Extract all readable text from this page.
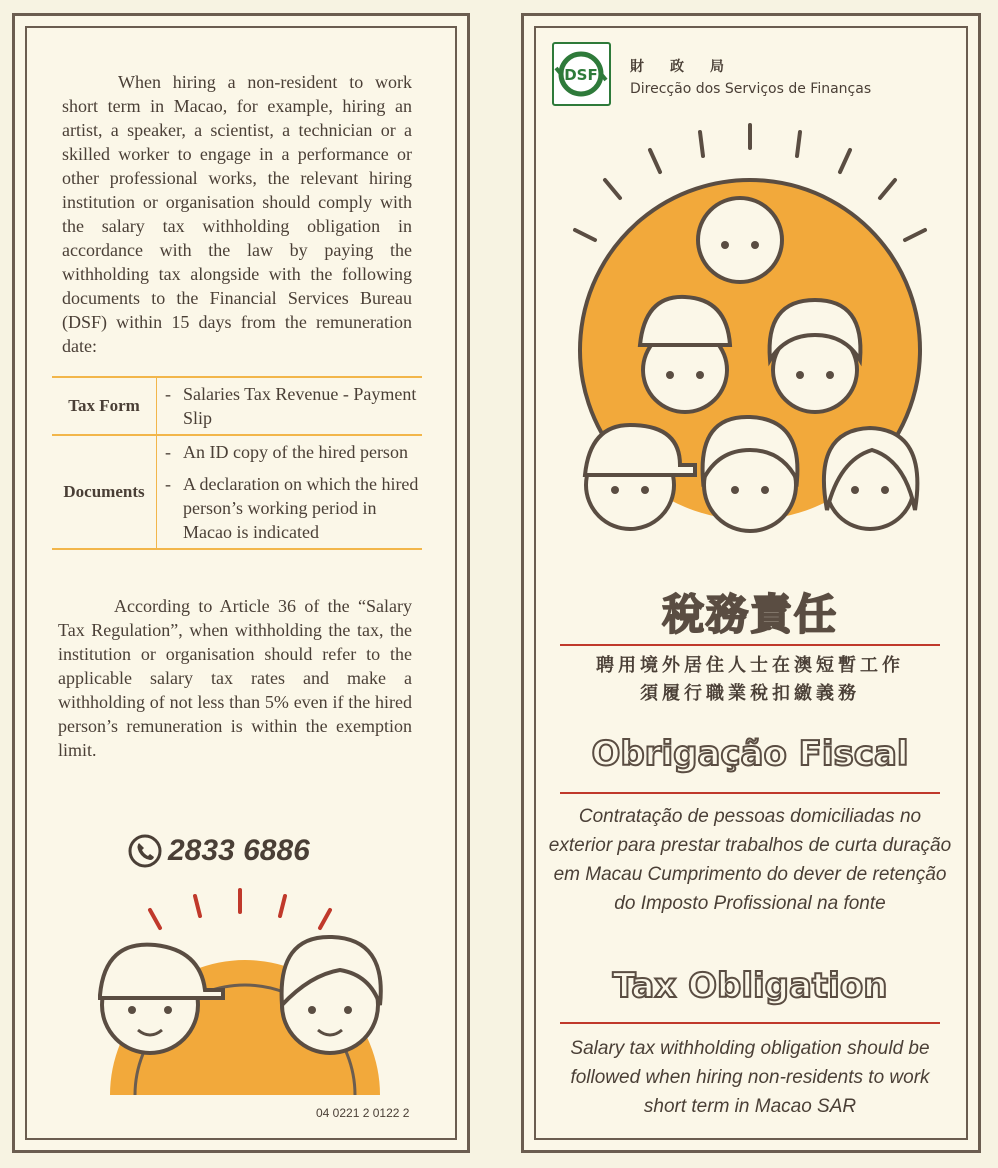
When hiring a non-resident to work short term in Macao, for example, hiring an artist, a speaker, a scientist, a technician or a skilled worker to engage in a performance or other professional works, the relevant hiring institution or organisation should comply with the salary tax withholding obligation in accordance with the law by paying the withholding tax alongside with the following documents to the Financial Services Bureau (DSF) within 15 days from the remuneration date:

Tax Form	- Salaries Tax Revenue - Payment Slip

Documents	- An ID copy of the hired person
- A declaration on which the hired person’s working period in Macao is indicated

According to Article 36 of the “Salary Tax Regulation”, when withholding the tax, the institution or organisation should refer to the applicable salary tax rates and make a withholding of not less than 5% even if the hired person’s remuneration is within the exemption limit.

2833 6886
04 0221 2 0122 2
DSF 財政局
Direcção dos Serviços de Finanças
稅務責任
聘用境外居住人士在澳短暫工作
須履行職業稅扣繳義務
Obrigação Fiscal
Contratação de pessoas domiciliadas no exterior para prestar trabalhos de curta duração em Macau Cumprimento do dever de retenção do Imposto Profissional na fonte
Tax Obligation
Salary tax withholding obligation should be followed when hiring non-residents to work short term in Macao SAR
